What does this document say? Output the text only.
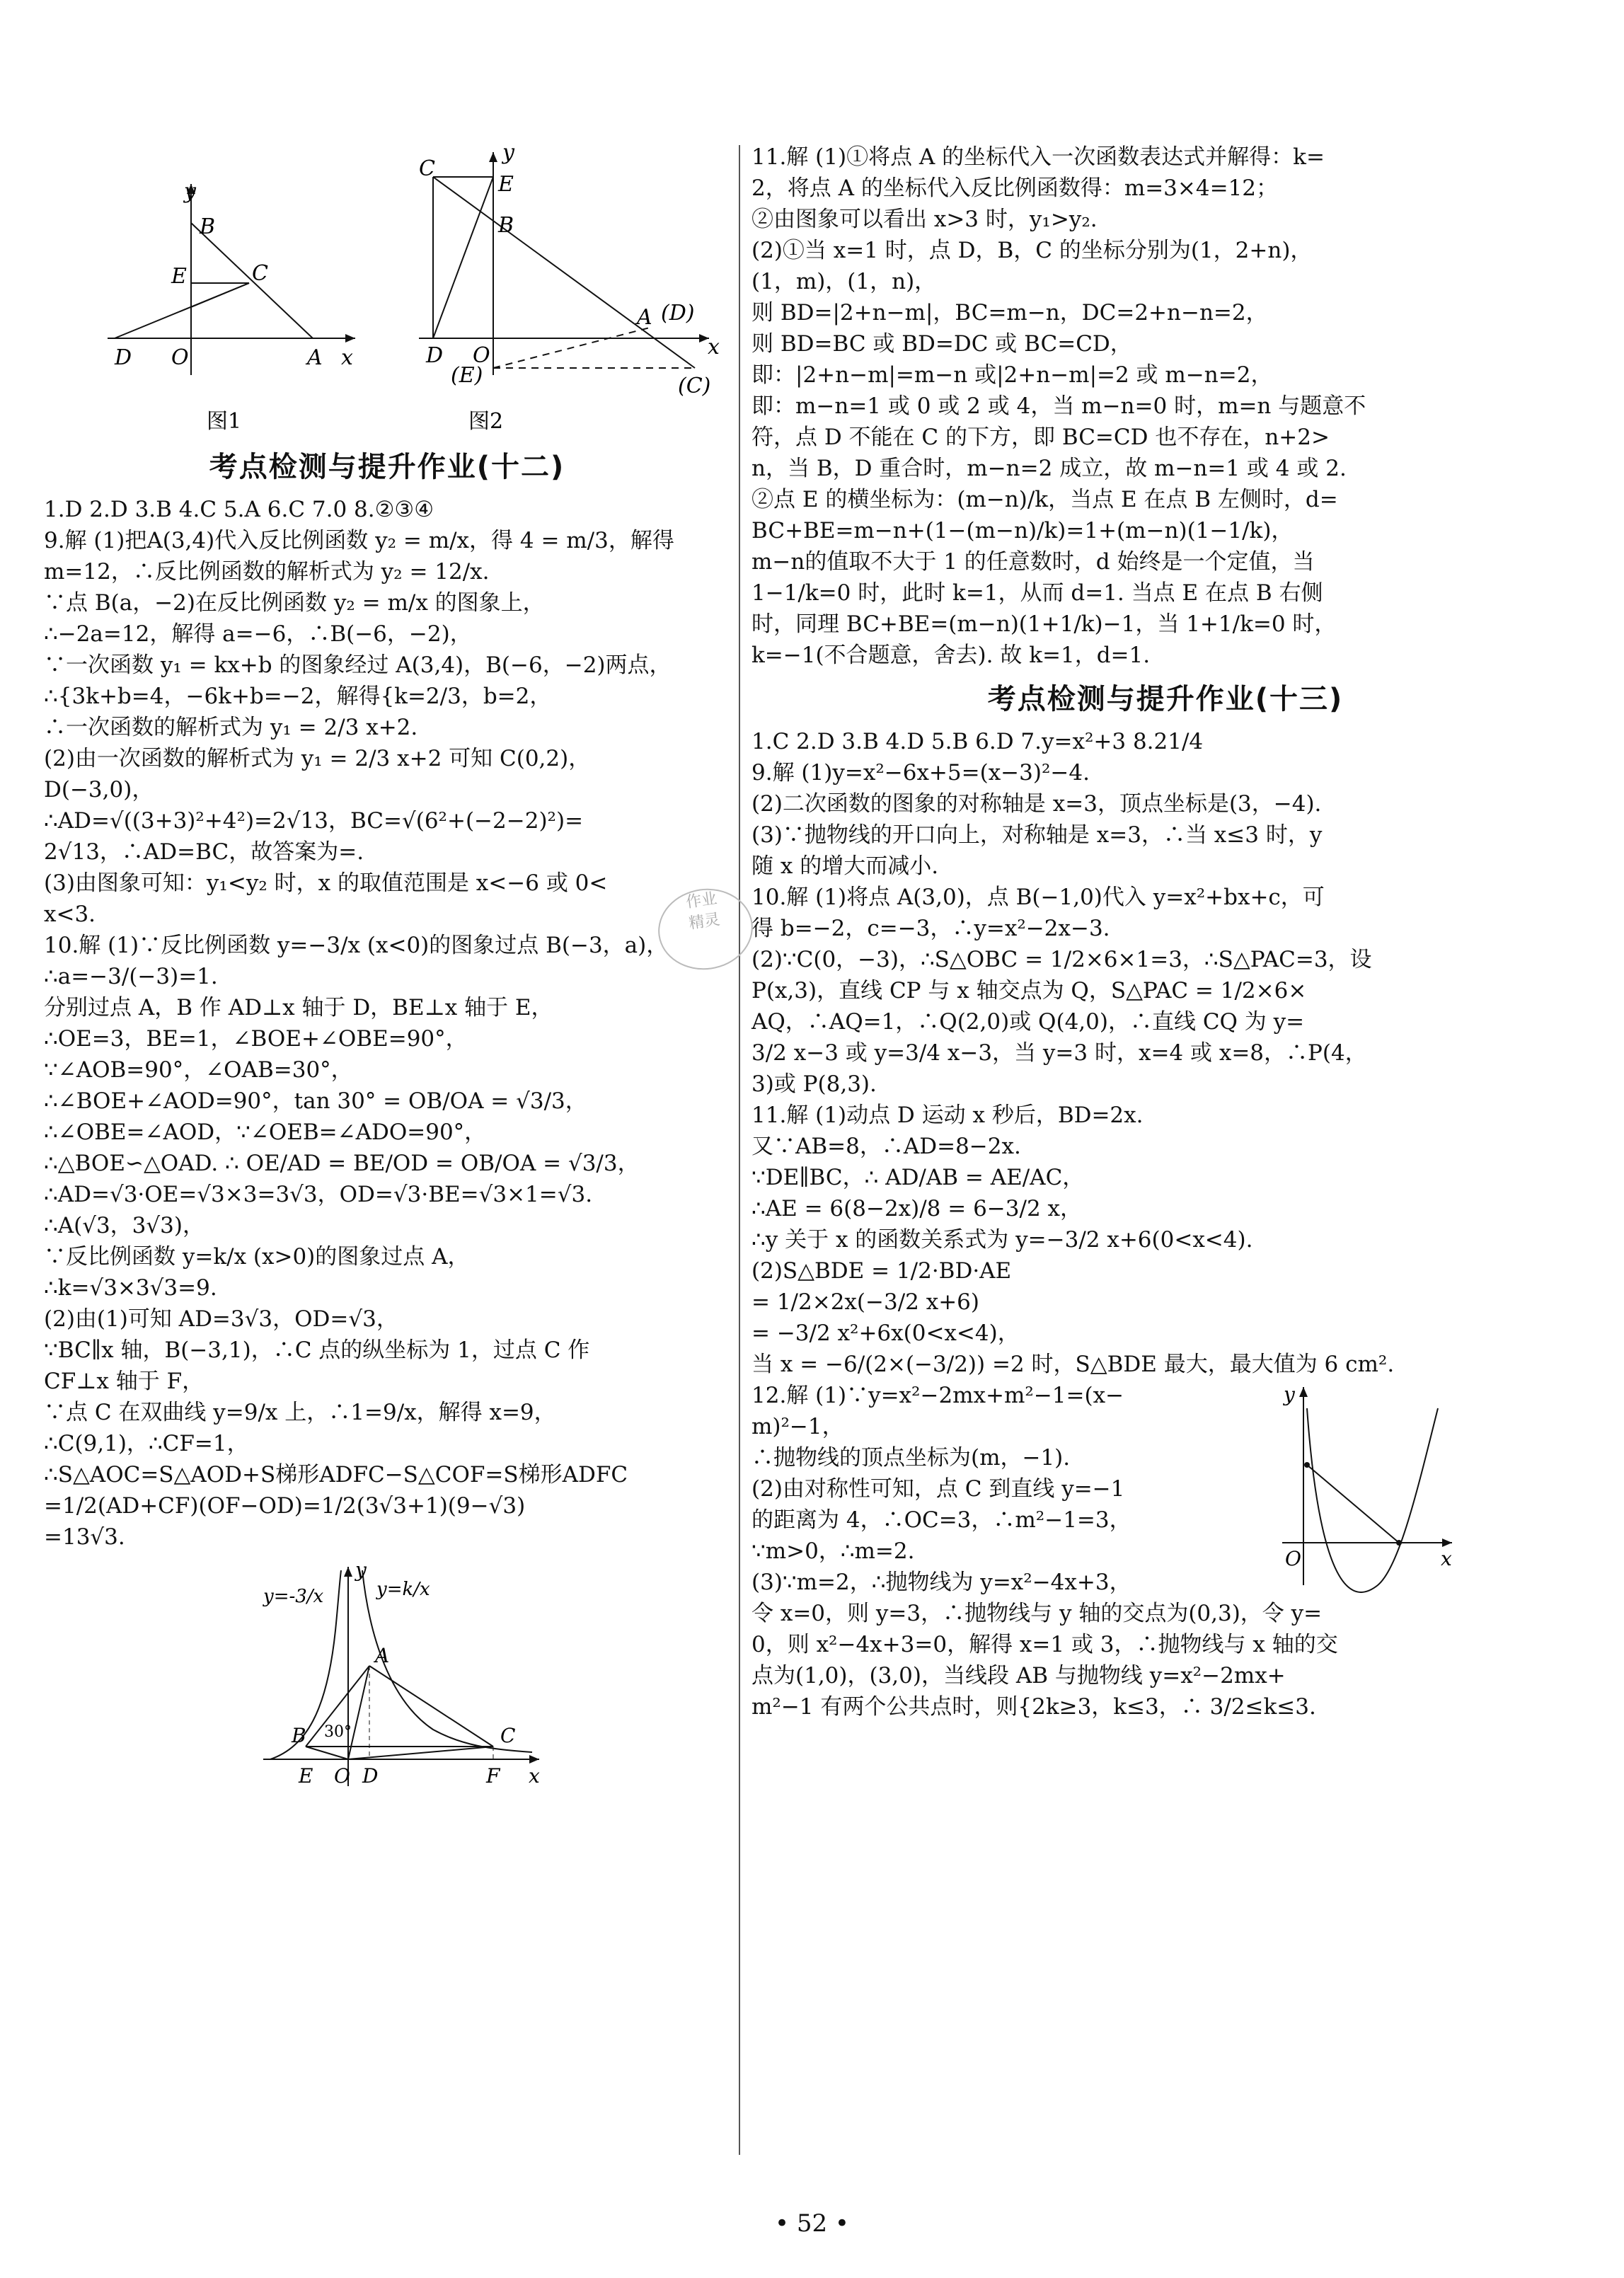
y
B
E	C
D O	A x
图1
y
C
E
B
A (D)
x
D O
(E)	(C)
图2
考点检测与提升作业(十二)
1.D 2.D 3.B 4.C 5.A 6.C 7.0 8.②③④
9.解 (1)把A(3,4)代入反比例函数 y₂ = m/x，得 4 = m/3，解得
m=12，∴反比例函数的解析式为 y₂ = 12/x.
∵点 B(a，−2)在反比例函数 y₂ = m/x 的图象上，
∴−2a=12，解得 a=−6，∴B(−6，−2)，
∵一次函数 y₁ = kx+b 的图象经过 A(3,4)，B(−6，−2)两点，
∴{3k+b=4，−6k+b=−2，解得{k=2/3，b=2，
∴一次函数的解析式为 y₁ = 2/3 x+2.
(2)由一次函数的解析式为 y₁ = 2/3 x+2 可知 C(0,2)，
D(−3,0)，
∴AD=√((3+3)²+4²)=2√13，BC=√(6²+(−2−2)²)=
2√13，∴AD=BC，故答案为=.
(3)由图象可知：y₁<y₂ 时，x 的取值范围是 x<−6 或 0<
x<3.
10.解 (1)∵反比例函数 y=−3/x (x<0)的图象过点 B(−3，a)，
∴a=−3/(−3)=1.
分别过点 A，B 作 AD⊥x 轴于 D，BE⊥x 轴于 E，
∴OE=3，BE=1，∠BOE+∠OBE=90°，
∵∠AOB=90°，∠OAB=30°，
∴∠BOE+∠AOD=90°，tan 30° = OB/OA = √3/3，
∴∠OBE=∠AOD，∵∠OEB=∠ADO=90°，
∴△BOE∽△OAD. ∴ OE/AD = BE/OD = OB/OA = √3/3，
∴AD=√3·OE=√3×3=3√3，OD=√3·BE=√3×1=√3.
∴A(√3，3√3)，
∵反比例函数 y=k/x (x>0)的图象过点 A，
∴k=√3×3√3=9.
(2)由(1)可知 AD=3√3，OD=√3，
∵BC∥x 轴，B(−3,1)，∴C 点的纵坐标为 1，过点 C 作
CF⊥x 轴于 F，
∵点 C 在双曲线 y=9/x 上，∴1=9/x，解得 x=9，
∴C(9,1)，∴CF=1，
∴S△AOC=S△AOD+S梯形ADFC−S△COF=S梯形ADFC
=1/2(AD+CF)(OF−OD)=1/2(3√3+1)(9−√3)
=13√3.
y=-3/x	y=k/x
A
B 30°	C
E O D	F x
y
11.解 (1)①将点 A 的坐标代入一次函数表达式并解得：k=
2，将点 A 的坐标代入反比例函数得：m=3×4=12；
②由图象可以看出 x>3 时，y₁>y₂.
(2)①当 x=1 时，点 D，B，C 的坐标分别为(1，2+n)，
(1，m)，(1，n)，
则 BD=|2+n−m|，BC=m−n，DC=2+n−n=2，
则 BD=BC 或 BD=DC 或 BC=CD，
即：|2+n−m|=m−n 或|2+n−m|=2 或 m−n=2，
即：m−n=1 或 0 或 2 或 4，当 m−n=0 时，m=n 与题意不
符，点 D 不能在 C 的下方，即 BC=CD 也不存在，n+2>
n，当 B，D 重合时，m−n=2 成立，故 m−n=1 或 4 或 2.
②点 E 的横坐标为：(m−n)/k，当点 E 在点 B 左侧时，d=
BC+BE=m−n+(1−(m−n)/k)=1+(m−n)(1−1/k)，
m−n的值取不大于 1 的任意数时，d 始终是一个定值，当
1−1/k=0 时，此时 k=1，从而 d=1. 当点 E 在点 B 右侧
时，同理 BC+BE=(m−n)(1+1/k)−1，当 1+1/k=0 时，
k=−1(不合题意，舍去). 故 k=1，d=1.
考点检测与提升作业(十三)
1.C 2.D 3.B 4.D 5.B 6.D 7.y=x²+3 8.21/4
9.解 (1)y=x²−6x+5=(x−3)²−4.
(2)二次函数的图象的对称轴是 x=3，顶点坐标是(3，−4).
(3)∵抛物线的开口向上，对称轴是 x=3，∴当 x≤3 时，y
随 x 的增大而减小.
10.解 (1)将点 A(3,0)，点 B(−1,0)代入 y=x²+bx+c，可
得 b=−2，c=−3，∴y=x²−2x−3.
(2)∵C(0，−3)，∴S△OBC = 1/2×6×1=3，∴S△PAC=3，设
P(x,3)，直线 CP 与 x 轴交点为 Q，S△PAC = 1/2×6×
AQ，∴AQ=1，∴Q(2,0)或 Q(4,0)，∴直线 CQ 为 y=
3/2 x−3 或 y=3/4 x−3，当 y=3 时，x=4 或 x=8，∴P(4，
3)或 P(8,3).
11.解 (1)动点 D 运动 x 秒后，BD=2x.
又∵AB=8，∴AD=8−2x.
∵DE∥BC，∴ AD/AB = AE/AC，
∴AE = 6(8−2x)/8 = 6−3/2 x，
∴y 关于 x 的函数关系式为 y=−3/2 x+6(0<x<4).
(2)S△BDE = 1/2·BD·AE
= 1/2×2x(−3/2 x+6)
= −3/2 x²+6x(0<x<4)，
当 x = −6/(2×(−3/2)) =2 时，S△BDE 最大，最大值为 6 cm².
12.解 (1)∵y=x²−2mx+m²−1=(x−
m)²−1，
∴抛物线的顶点坐标为(m，−1).
(2)由对称性可知，点 C 到直线 y=−1
的距离为 4，∴OC=3，∴m²−1=3，
∵m>0，∴m=2.
(3)∵m=2，∴抛物线为 y=x²−4x+3，
y
O	x
令 x=0，则 y=3，∴抛物线与 y 轴的交点为(0,3)，令 y=
0，则 x²−4x+3=0，解得 x=1 或 3，∴抛物线与 x 轴的交
点为(1,0)，(3,0)，当线段 AB 与抛物线 y=x²−2mx+
m²−1 有两个公共点时，则{2k≥3，k≤3，∴ 3/2≤k≤3.
作业
精灵
• 52 •
